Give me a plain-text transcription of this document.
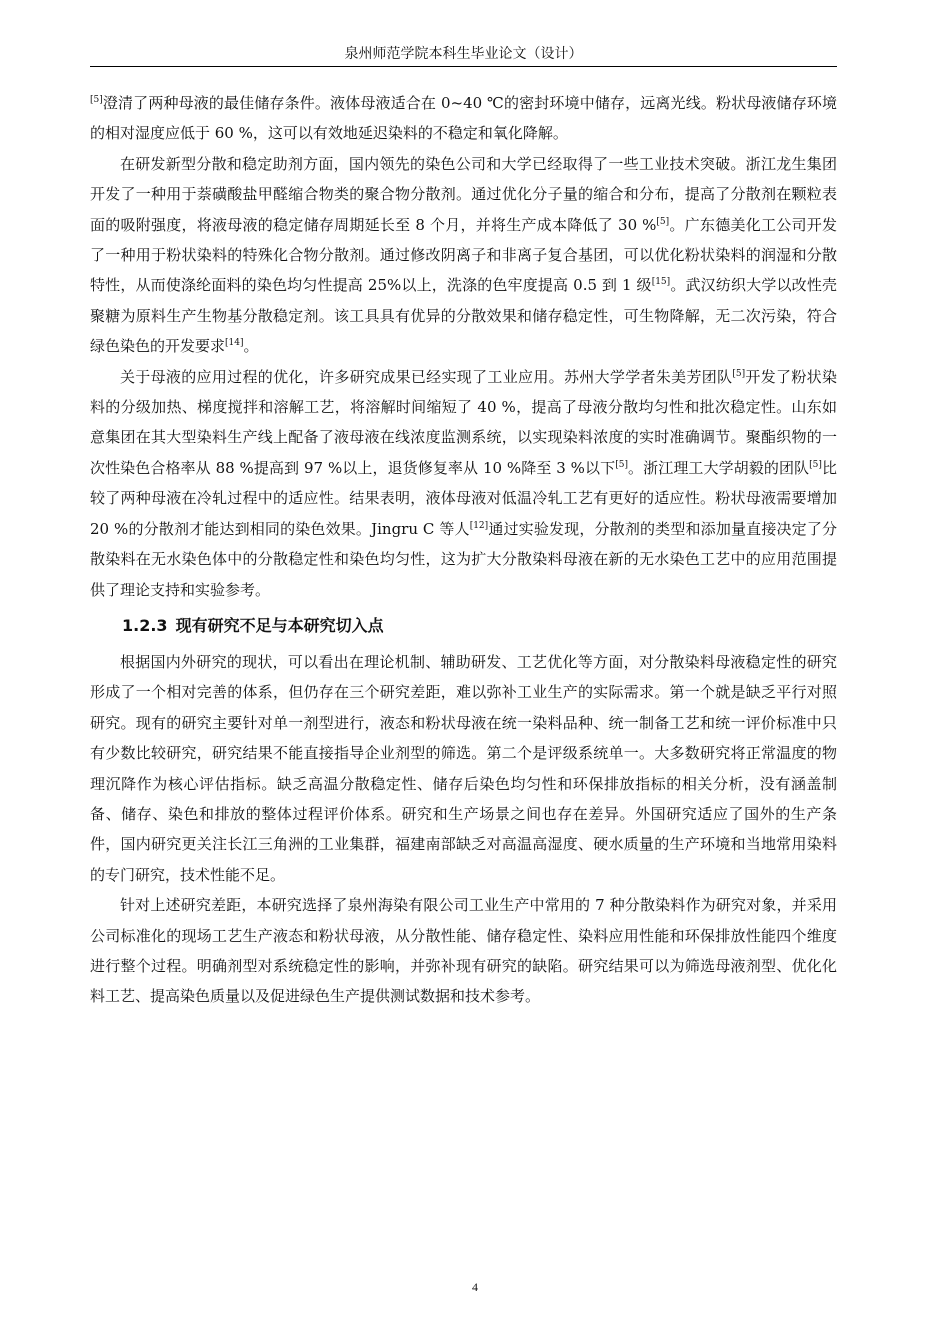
泉州师范学院本科生毕业论文（设计）

[5]澄清了两种母液的最佳储存条件。液体母液适合在 0~40 ℃的密封环境中储存，远离光线。粉状母液储存环境的相对湿度应低于 60 %，这可以有效地延迟染料的不稳定和氧化降解。

在研发新型分散和稳定助剂方面，国内领先的染色公司和大学已经取得了一些工业技术突破。浙江龙生集团开发了一种用于萘磺酸盐甲醛缩合物类的聚合物分散剂。通过优化分子量的缩合和分布，提高了分散剂在颗粒表面的吸附强度，将液母液的稳定储存周期延长至 8 个月，并将生产成本降低了 30 %[5]。广东德美化工公司开发了一种用于粉状染料的特殊化合物分散剂。通过修改阴离子和非离子复合基团，可以优化粉状染料的润湿和分散特性，从而使涤纶面料的染色均匀性提高 25%以上，洗涤的色牢度提高 0.5 到 1 级[15]。武汉纺织大学以改性壳聚糖为原料生产生物基分散稳定剂。该工具具有优异的分散效果和储存稳定性，可生物降解，无二次污染，符合绿色染色的开发要求[14]。

关于母液的应用过程的优化，许多研究成果已经实现了工业应用。苏州大学学者朱美芳团队[5]开发了粉状染料的分级加热、梯度搅拌和溶解工艺，将溶解时间缩短了 40 %，提高了母液分散均匀性和批次稳定性。山东如意集团在其大型染料生产线上配备了液母液在线浓度监测系统，以实现染料浓度的实时准确调节。聚酯织物的一次性染色合格率从 88 %提高到 97 %以上，退货修复率从 10 %降至 3 %以下[5]。浙江理工大学胡毅的团队[5]比较了两种母液在冷轧过程中的适应性。结果表明，液体母液对低温冷轧工艺有更好的适应性。粉状母液需要增加 20 %的分散剂才能达到相同的染色效果。Jingru C 等人[12]通过实验发现，分散剂的类型和添加量直接决定了分散染料在无水染色体中的分散稳定性和染色均匀性，这为扩大分散染料母液在新的无水染色工艺中的应用范围提供了理论支持和实验参考。

1.2.3 现有研究不足与本研究切入点

根据国内外研究的现状，可以看出在理论机制、辅助研发、工艺优化等方面，对分散染料母液稳定性的研究形成了一个相对完善的体系，但仍存在三个研究差距，难以弥补工业生产的实际需求。第一个就是缺乏平行对照研究。现有的研究主要针对单一剂型进行，液态和粉状母液在统一染料品种、统一制备工艺和统一评价标准中只有少数比较研究，研究结果不能直接指导企业剂型的筛选。第二个是评级系统单一。大多数研究将正常温度的物理沉降作为核心评估指标。缺乏高温分散稳定性、储存后染色均匀性和环保排放指标的相关分析，没有涵盖制备、储存、染色和排放的整体过程评价体系。研究和生产场景之间也存在差异。外国研究适应了国外的生产条件，国内研究更关注长江三角洲的工业集群，福建南部缺乏对高温高湿度、硬水质量的生产环境和当地常用染料的专门研究，技术性能不足。

针对上述研究差距，本研究选择了泉州海染有限公司工业生产中常用的 7 种分散染料作为研究对象，并采用公司标准化的现场工艺生产液态和粉状母液，从分散性能、储存稳定性、染料应用性能和环保排放性能四个维度进行整个过程。明确剂型对系统稳定性的影响，并弥补现有研究的缺陷。研究结果可以为筛选母液剂型、优化化料工艺、提高染色质量以及促进绿色生产提供测试数据和技术参考。

4
